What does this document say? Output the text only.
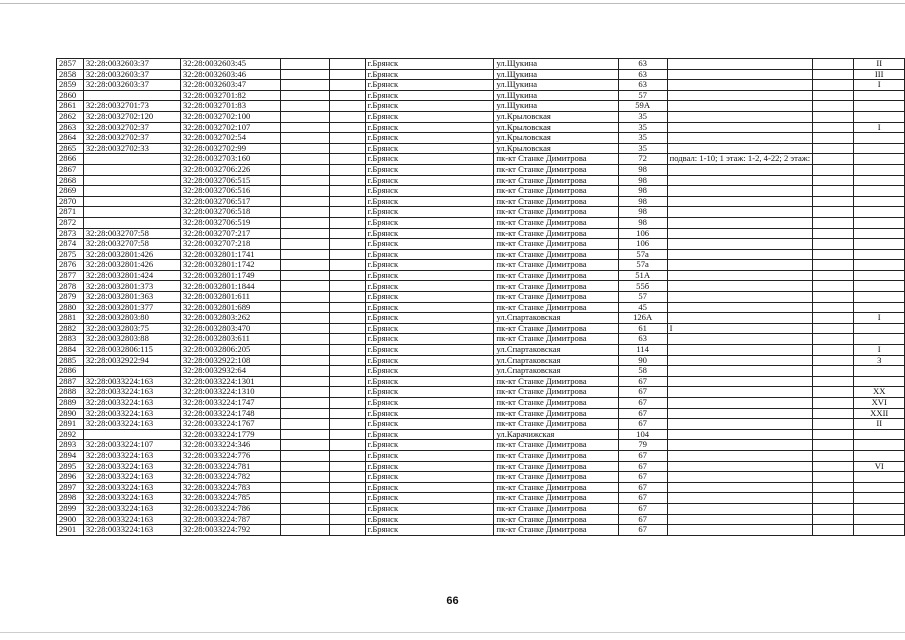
2857	32:28:0032603:37	32:28:0032603:45			г.Брянск	ул.Щукина	63			II
2858	32:28:0032603:37	32:28:0032603:46			г.Брянск	ул.Щукина	63			III
2859	32:28:0032603:37	32:28:0032603:47			г.Брянск	ул.Щукина	63			I
2860		32:28:0032701:82			г.Брянск	ул.Щукина	57			
2861	32:28:0032701:73	32:28:0032701:83			г.Брянск	ул.Щукина	59А			
2862	32:28:0032702:120	32:28:0032702:100			г.Брянск	ул.Крыловская	35			
2863	32:28:0032702:37	32:28:0032702:107			г.Брянск	ул.Крыловская	35			I
2864	32:28:0032702:37	32:28:0032702:54			г.Брянск	ул.Крыловская	35			
2865	32:28:0032702:33	32:28:0032702:99			г.Брянск	ул.Крыловская	35			
2866		32:28:0032703:160			г.Брянск	пк-кт Станке Димитрова	72	подвал: 1-10; 1 этаж: 1-2, 4-22; 2 этаж:		
2867		32:28:0032706:226			г.Брянск	пк-кт Станке Димитрова	98			
2868		32:28:0032706:515			г.Брянск	пк-кт Станке Димитрова	98			
2869		32:28:0032706:516			г.Брянск	пк-кт Станке Димитрова	98			
2870		32:28:0032706:517			г.Брянск	пк-кт Станке Димитрова	98			
2871		32:28:0032706:518			г.Брянск	пк-кт Станке Димитрова	98			
2872		32:28:0032706:519			г.Брянск	пк-кт Станке Димитрова	98			
2873	32:28:0032707:58	32:28:0032707:217			г.Брянск	пк-кт Станке Димитрова	106			
2874	32:28:0032707:58	32:28:0032707:218			г.Брянск	пк-кт Станке Димитрова	106			
2875	32:28:0032801:426	32:28:0032801:1741			г.Брянск	пк-кт Станке Димитрова	57а			
2876	32:28:0032801:426	32:28:0032801:1742			г.Брянск	пк-кт Станке Димитрова	57а			
2877	32:28:0032801:424	32:28:0032801:1749			г.Брянск	пк-кт Станке Димитрова	51А			
2878	32:28:0032801:373	32:28:0032801:1844			г.Брянск	пк-кт Станке Димитрова	55б			
2879	32:28:0032801:363	32:28:0032801:611			г.Брянск	пк-кт Станке Димитрова	57			
2880	32:28:0032801:377	32:28:0032801:689			г.Брянск	пк-кт Станке Димитрова	45			
2881	32:28:0032803:80	32:28:0032803:262			г.Брянск	ул.Спартаковская	126А			I
2882	32:28:0032803:75	32:28:0032803:470			г.Брянск	пк-кт Станке Димитрова	61	I		
2883	32:28:0032803:88	32:28:0032803:611			г.Брянск	пк-кт Станке Димитрова	63			
2884	32:28:0032806:115	32:28:0032806:205			г.Брянск	ул.Спартаковская	114			I
2885	32:28:0032922:94	32:28:0032922:108			г.Брянск	ул.Спартаковская	90			3
2886		32:28:0032932:64			г.Брянск	ул.Спартаковская	58			
2887	32:28:0033224:163	32:28:0033224:1301			г.Брянск	пк-кт Станке Димитрова	67			
2888	32:28:0033224:163	32:28:0033224:1310			г.Брянск	пк-кт Станке Димитрова	67			XX
2889	32:28:0033224:163	32:28:0033224:1747			г.Брянск	пк-кт Станке Димитрова	67			XVI
2890	32:28:0033224:163	32:28:0033224:1748			г.Брянск	пк-кт Станке Димитрова	67			XXII
2891	32:28:0033224:163	32:28:0033224:1767			г.Брянск	пк-кт Станке Димитрова	67			II
2892		32:28:0033224:1779			г.Брянск	ул.Карачижская	104			
2893	32:28:0033224:107	32:28:0033224:346			г.Брянск	пк-кт Станке Димитрова	79			
2894	32:28:0033224:163	32:28:0033224:776			г.Брянск	пк-кт Станке Димитрова	67			
2895	32:28:0033224:163	32:28:0033224:781			г.Брянск	пк-кт Станке Димитрова	67			VI
2896	32:28:0033224:163	32:28:0033224:782			г.Брянск	пк-кт Станке Димитрова	67			
2897	32:28:0033224:163	32:28:0033224:783			г.Брянск	пк-кт Станке Димитрова	67			
2898	32:28:0033224:163	32:28:0033224:785			г.Брянск	пк-кт Станке Димитрова	67			
2899	32:28:0033224:163	32:28:0033224:786			г.Брянск	пк-кт Станке Димитрова	67			
2900	32:28:0033224:163	32:28:0033224:787			г.Брянск	пк-кт Станке Димитрова	67			
2901	32:28:0033224:163	32:28:0033224:792			г.Брянск	пк-кт Станке Димитрова	67			
66
